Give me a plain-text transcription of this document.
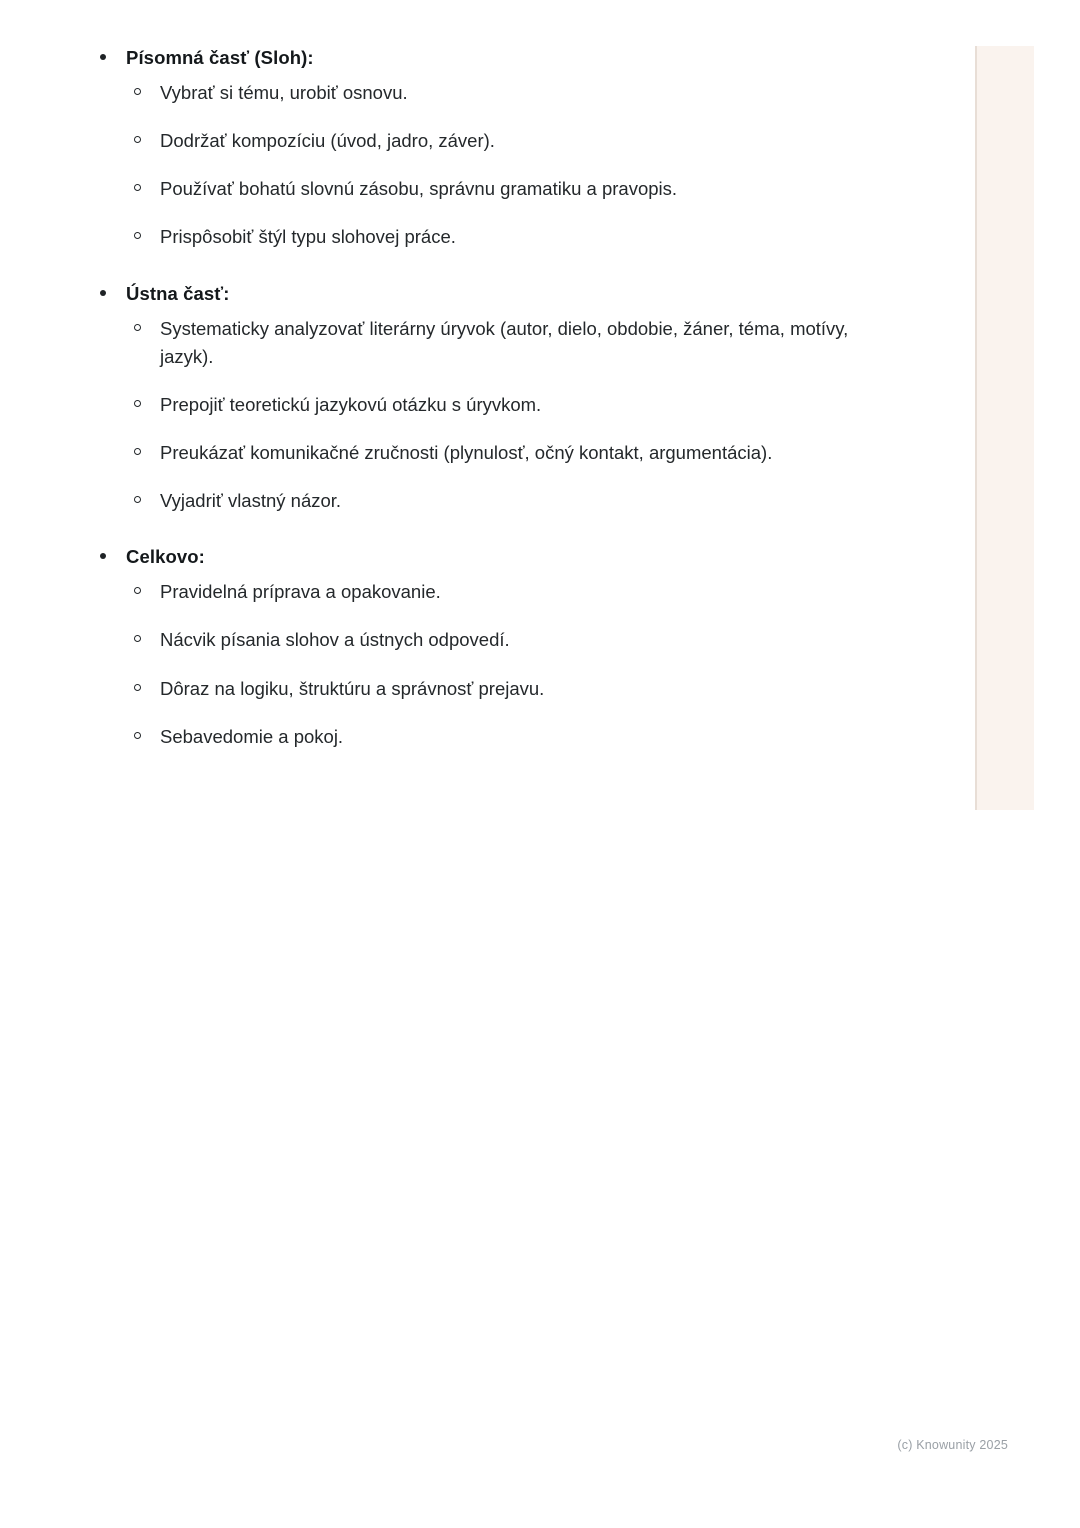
Písomná časť (Sloh):
Vybrať si tému, urobiť osnovu.
Dodržať kompozíciu (úvod, jadro, záver).
Používať bohatú slovnú zásobu, správnu gramatiku a pravopis.
Prispôsobiť štýl typu slohovej práce.
Ústna časť:
Systematicky analyzovať literárny úryvok (autor, dielo, obdobie, žáner, téma, motívy, jazyk).
Prepojiť teoretickú jazykovú otázku s úryvkom.
Preukázať komunikačné zručnosti (plynulosť, očný kontakt, argumentácia).
Vyjadriť vlastný názor.
Celkovo:
Pravidelná príprava a opakovanie.
Nácvik písania slohov a ústnych odpovedí.
Dôraz na logiku, štruktúru a správnosť prejavu.
Sebavedomie a pokoj.
(c) Knowunity 2025
